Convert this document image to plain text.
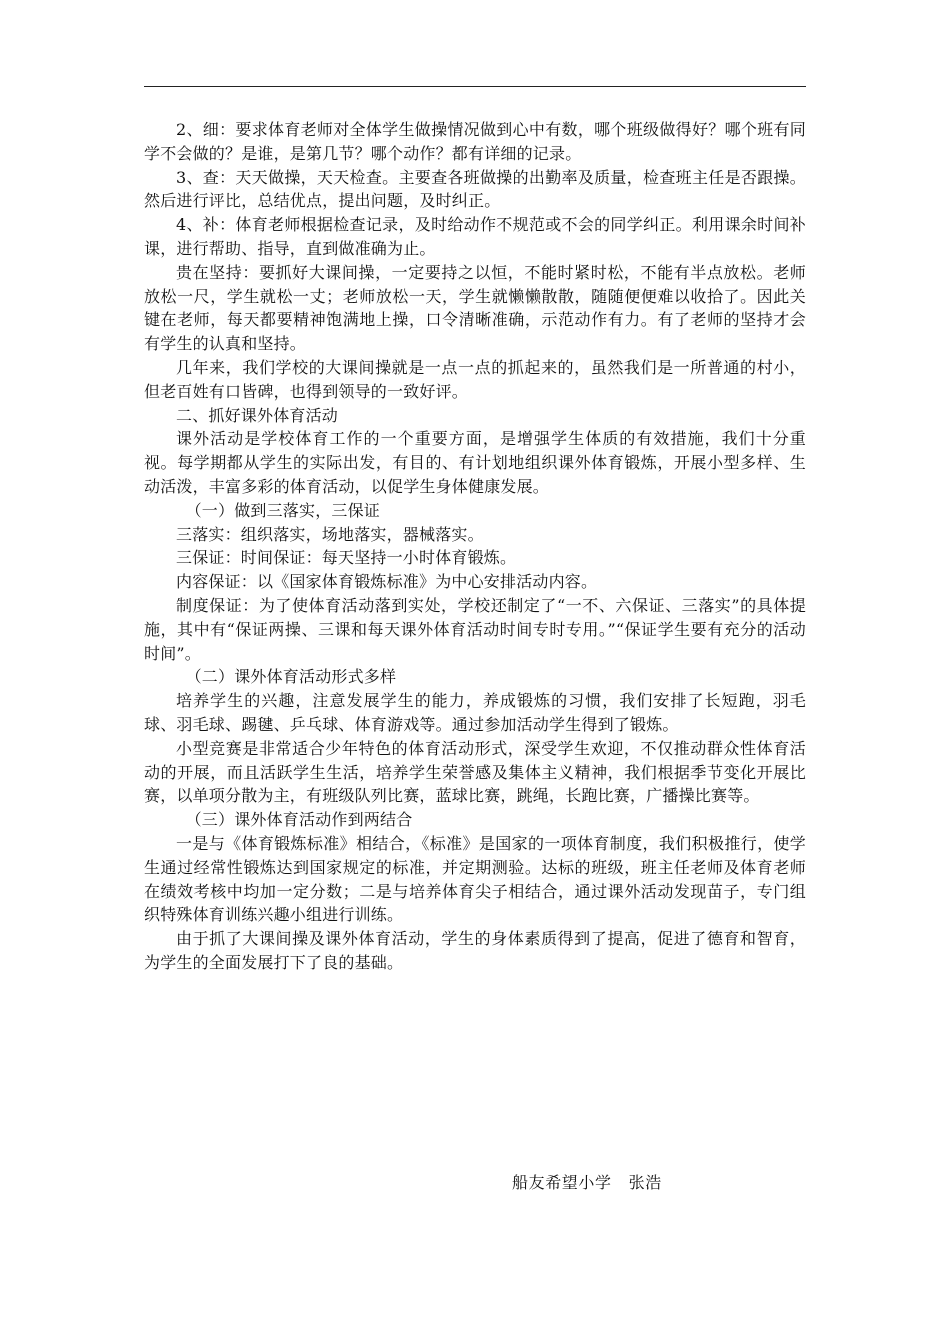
2、细：要求体育老师对全体学生做操情况做到心中有数，哪个班级做得好？哪个班有同学不会做的？是谁，是第几节？哪个动作？都有详细的记录。

3、查：天天做操，天天检查。主要查各班做操的出勤率及质量，检查班主任是否跟操。然后进行评比，总结优点，提出问题，及时纠正。

4、补：体育老师根据检查记录，及时给动作不规范或不会的同学纠正。利用课余时间补课，进行帮助、指导，直到做准确为止。

贵在坚持：要抓好大课间操，一定要持之以恒，不能时紧时松，不能有半点放松。老师放松一尺，学生就松一丈；老师放松一天，学生就懒懒散散，随随便便难以收拾了。因此关键在老师，每天都要精神饱满地上操，口令清晰准确，示范动作有力。有了老师的坚持才会有学生的认真和坚持。

几年来，我们学校的大课间操就是一点一点的抓起来的，虽然我们是一所普通的村小，但老百姓有口皆碑，也得到领导的一致好评。

二、抓好课外体育活动

课外活动是学校体育工作的一个重要方面，是增强学生体质的有效措施，我们十分重视。每学期都从学生的实际出发，有目的、有计划地组织课外体育锻炼，开展小型多样、生动活泼，丰富多彩的体育活动，以促学生身体健康发展。

（一）做到三落实，三保证

三落实：组织落实，场地落实，器械落实。

三保证：时间保证：每天坚持一小时体育锻炼。

内容保证：以《国家体育锻炼标准》为中心安排活动内容。

制度保证：为了使体育活动落到实处，学校还制定了“一不、六保证、三落实”的具体提施，其中有“保证两操、三课和每天课外体育活动时间专时专用。”“保证学生要有充分的活动时间”。

（二）课外体育活动形式多样

培养学生的兴趣，注意发展学生的能力，养成锻炼的习惯，我们安排了长短跑，羽毛球、羽毛球、踢毽、乒乓球、体育游戏等。通过参加活动学生得到了锻炼。

小型竞赛是非常适合少年特色的体育活动形式，深受学生欢迎，不仅推动群众性体育活动的开展，而且活跃学生生活，培养学生荣誉感及集体主义精神，我们根据季节变化开展比赛，以单项分散为主，有班级队列比赛，蓝球比赛，跳绳，长跑比赛，广播操比赛等。

（三）课外体育活动作到两结合

一是与《体育锻炼标准》相结合，《标准》是国家的一项体育制度，我们积极推行，使学生通过经常性锻炼达到国家规定的标准，并定期测验。达标的班级，班主任老师及体育老师在绩效考核中均加一定分数；二是与培养体育尖子相结合，通过课外活动发现苗子，专门组织特殊体育训练兴趣小组进行训练。

由于抓了大课间操及课外体育活动，学生的身体素质得到了提高，促进了德育和智育，为学生的全面发展打下了良的基础。

船友希望小学   张浩
